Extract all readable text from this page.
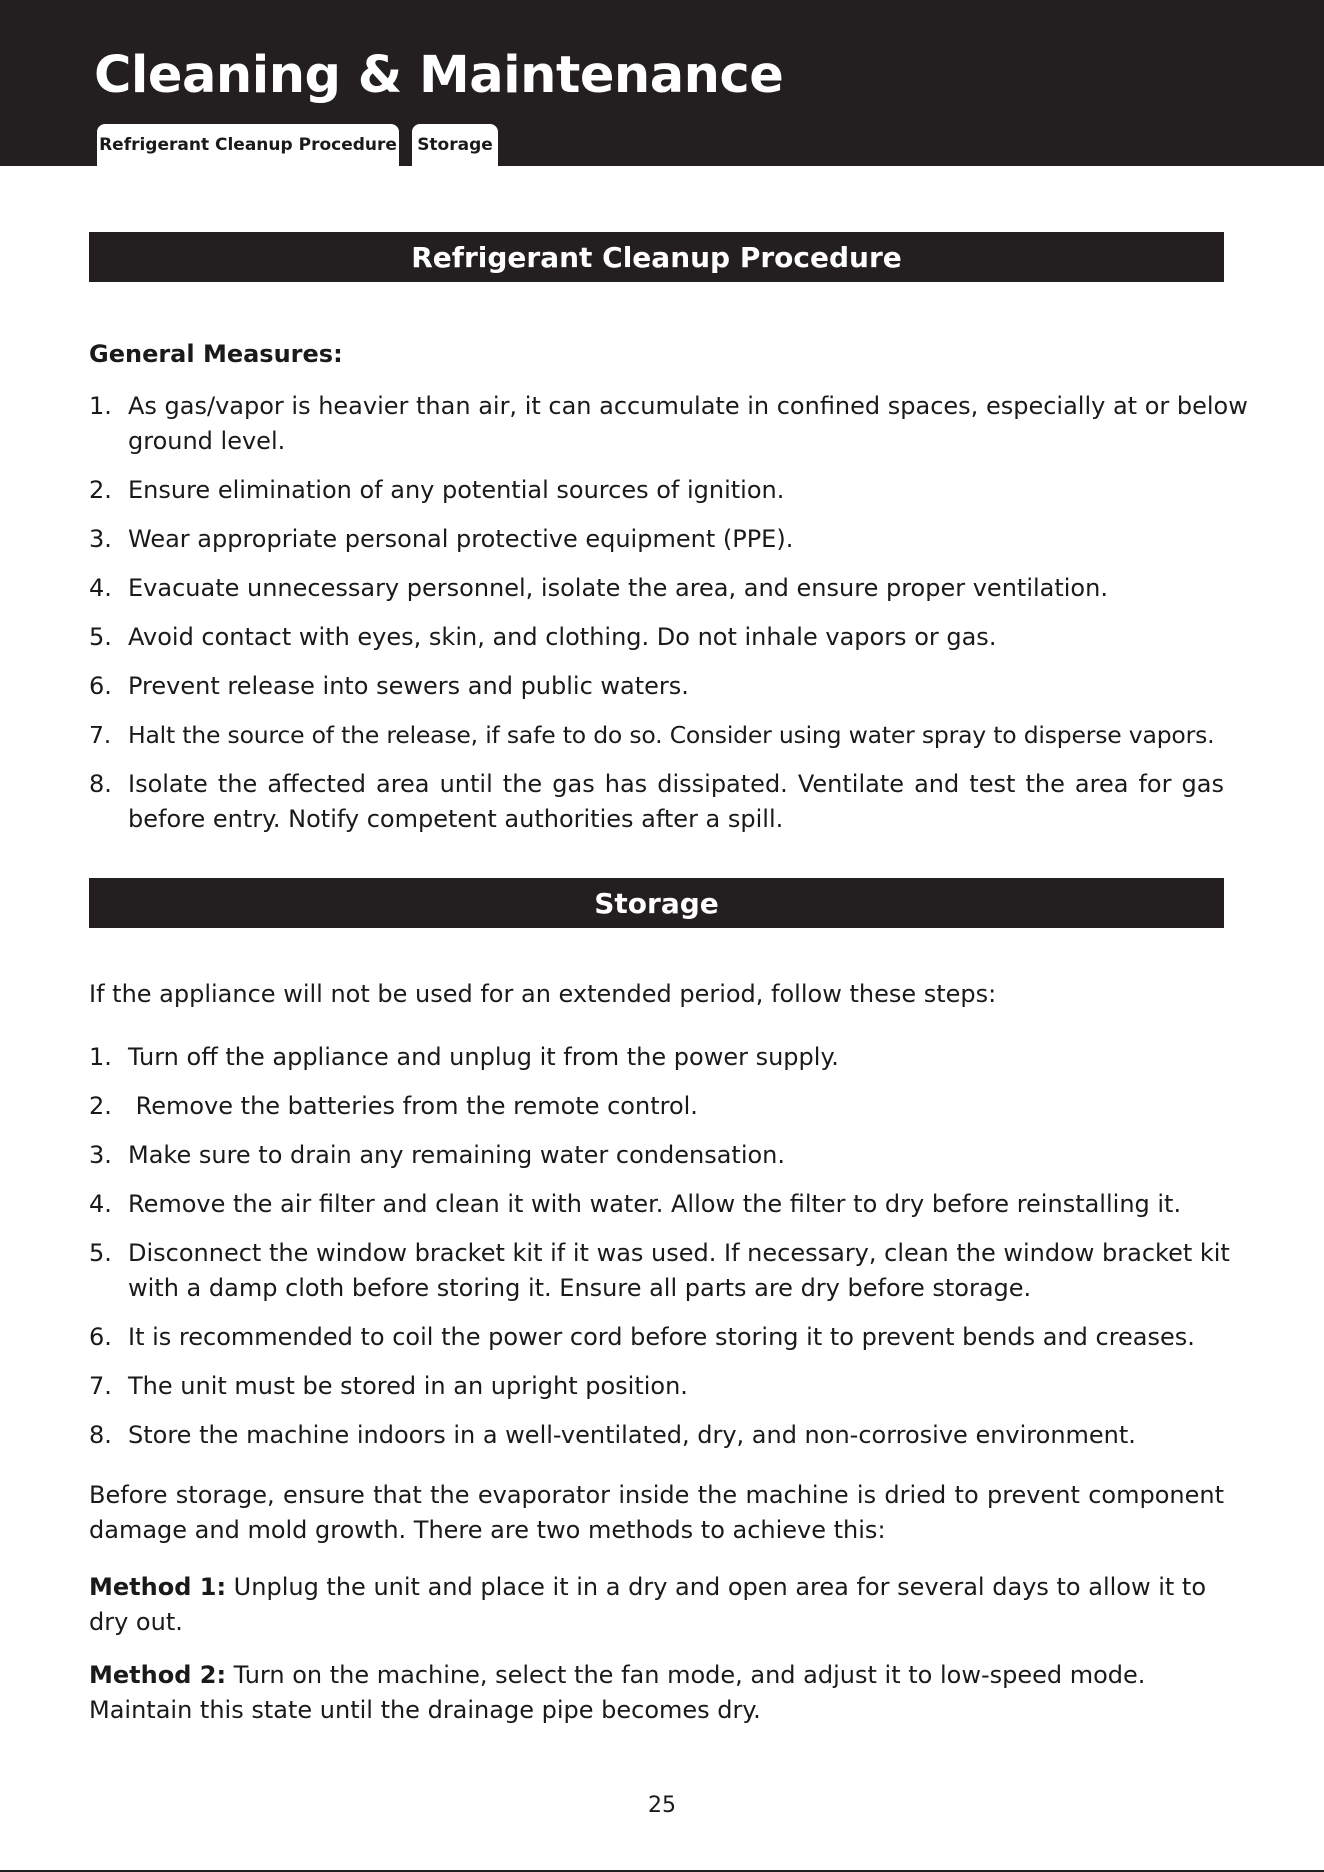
Cleaning & Maintenance
Refrigerant Cleanup Procedure	Storage
Refrigerant Cleanup Procedure
General Measures:
1. As gas/vapor is heavier than air, it can accumulate in confined spaces, especially at or below ground level.
2. Ensure elimination of any potential sources of ignition.
3. Wear appropriate personal protective equipment (PPE).
4. Evacuate unnecessary personnel, isolate the area, and ensure proper ventilation.
5. Avoid contact with eyes, skin, and clothing. Do not inhale vapors or gas.
6. Prevent release into sewers and public waters.
7. Halt the source of the release, if safe to do so. Consider using water spray to disperse vapors.
8. Isolate the affected area until the gas has dissipated. Ventilate and test the area for gas before entry. Notify competent authorities after a spill.
Storage
If the appliance will not be used for an extended period, follow these steps:
1. Turn off the appliance and unplug it from the power supply.
2. Remove the batteries from the remote control.
3. Make sure to drain any remaining water condensation.
4. Remove the air filter and clean it with water. Allow the filter to dry before reinstalling it.
5. Disconnect the window bracket kit if it was used. If necessary, clean the window bracket kit with a damp cloth before storing it. Ensure all parts are dry before storage.
6. It is recommended to coil the power cord before storing it to prevent bends and creases.
7. The unit must be stored in an upright position.
8. Store the machine indoors in a well-ventilated, dry, and non-corrosive environment.
Before storage, ensure that the evaporator inside the machine is dried to prevent component damage and mold growth. There are two methods to achieve this:
Method 1: Unplug the unit and place it in a dry and open area for several days to allow it to dry out.
Method 2: Turn on the machine, select the fan mode, and adjust it to low-speed mode. Maintain this state until the drainage pipe becomes dry.
25
